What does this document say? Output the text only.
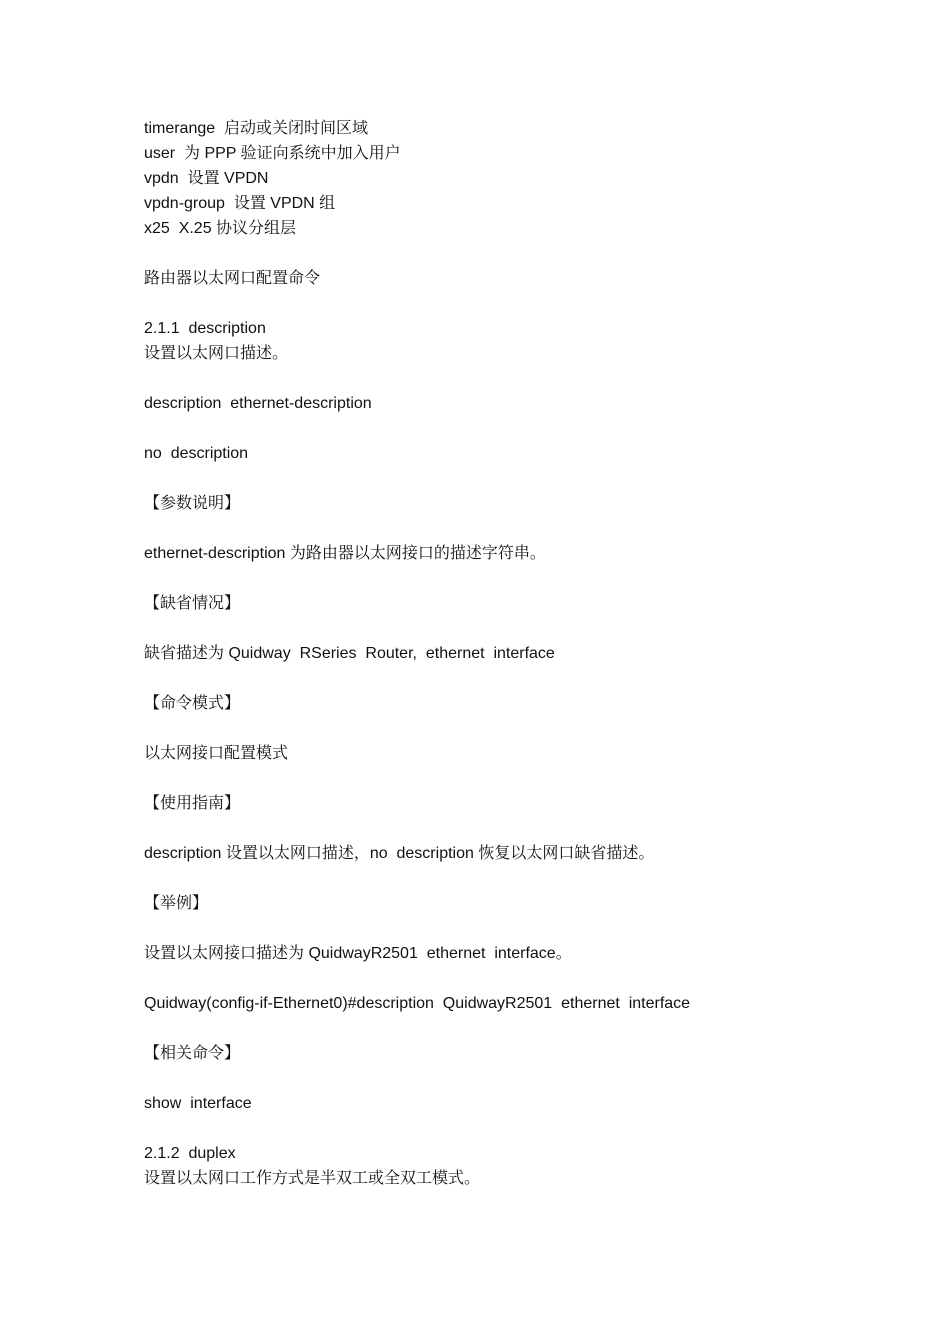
timerange  启动或关闭时间区域
user  为 PPP 验证向系统中加入用户
vpdn  设置 VPDN
vpdn-group  设置 VPDN 组
x25  X.25 协议分组层
路由器以太网口配置命令
2.1.1  description
设置以太网口描述。
description  ethernet-description
no  description
【参数说明】
ethernet-description 为路由器以太网接口的描述字符串。
【缺省情况】
缺省描述为 Quidway  RSeries  Router,  ethernet  interface
【命令模式】
以太网接口配置模式
【使用指南】
description 设置以太网口描述，no  description 恢复以太网口缺省描述。
【举例】
设置以太网接口描述为 QuidwayR2501  ethernet  interface。
Quidway(config-if-Ethernet0)#description  QuidwayR2501  ethernet  interface
【相关命令】
show  interface
2.1.2  duplex
设置以太网口工作方式是半双工或全双工模式。
